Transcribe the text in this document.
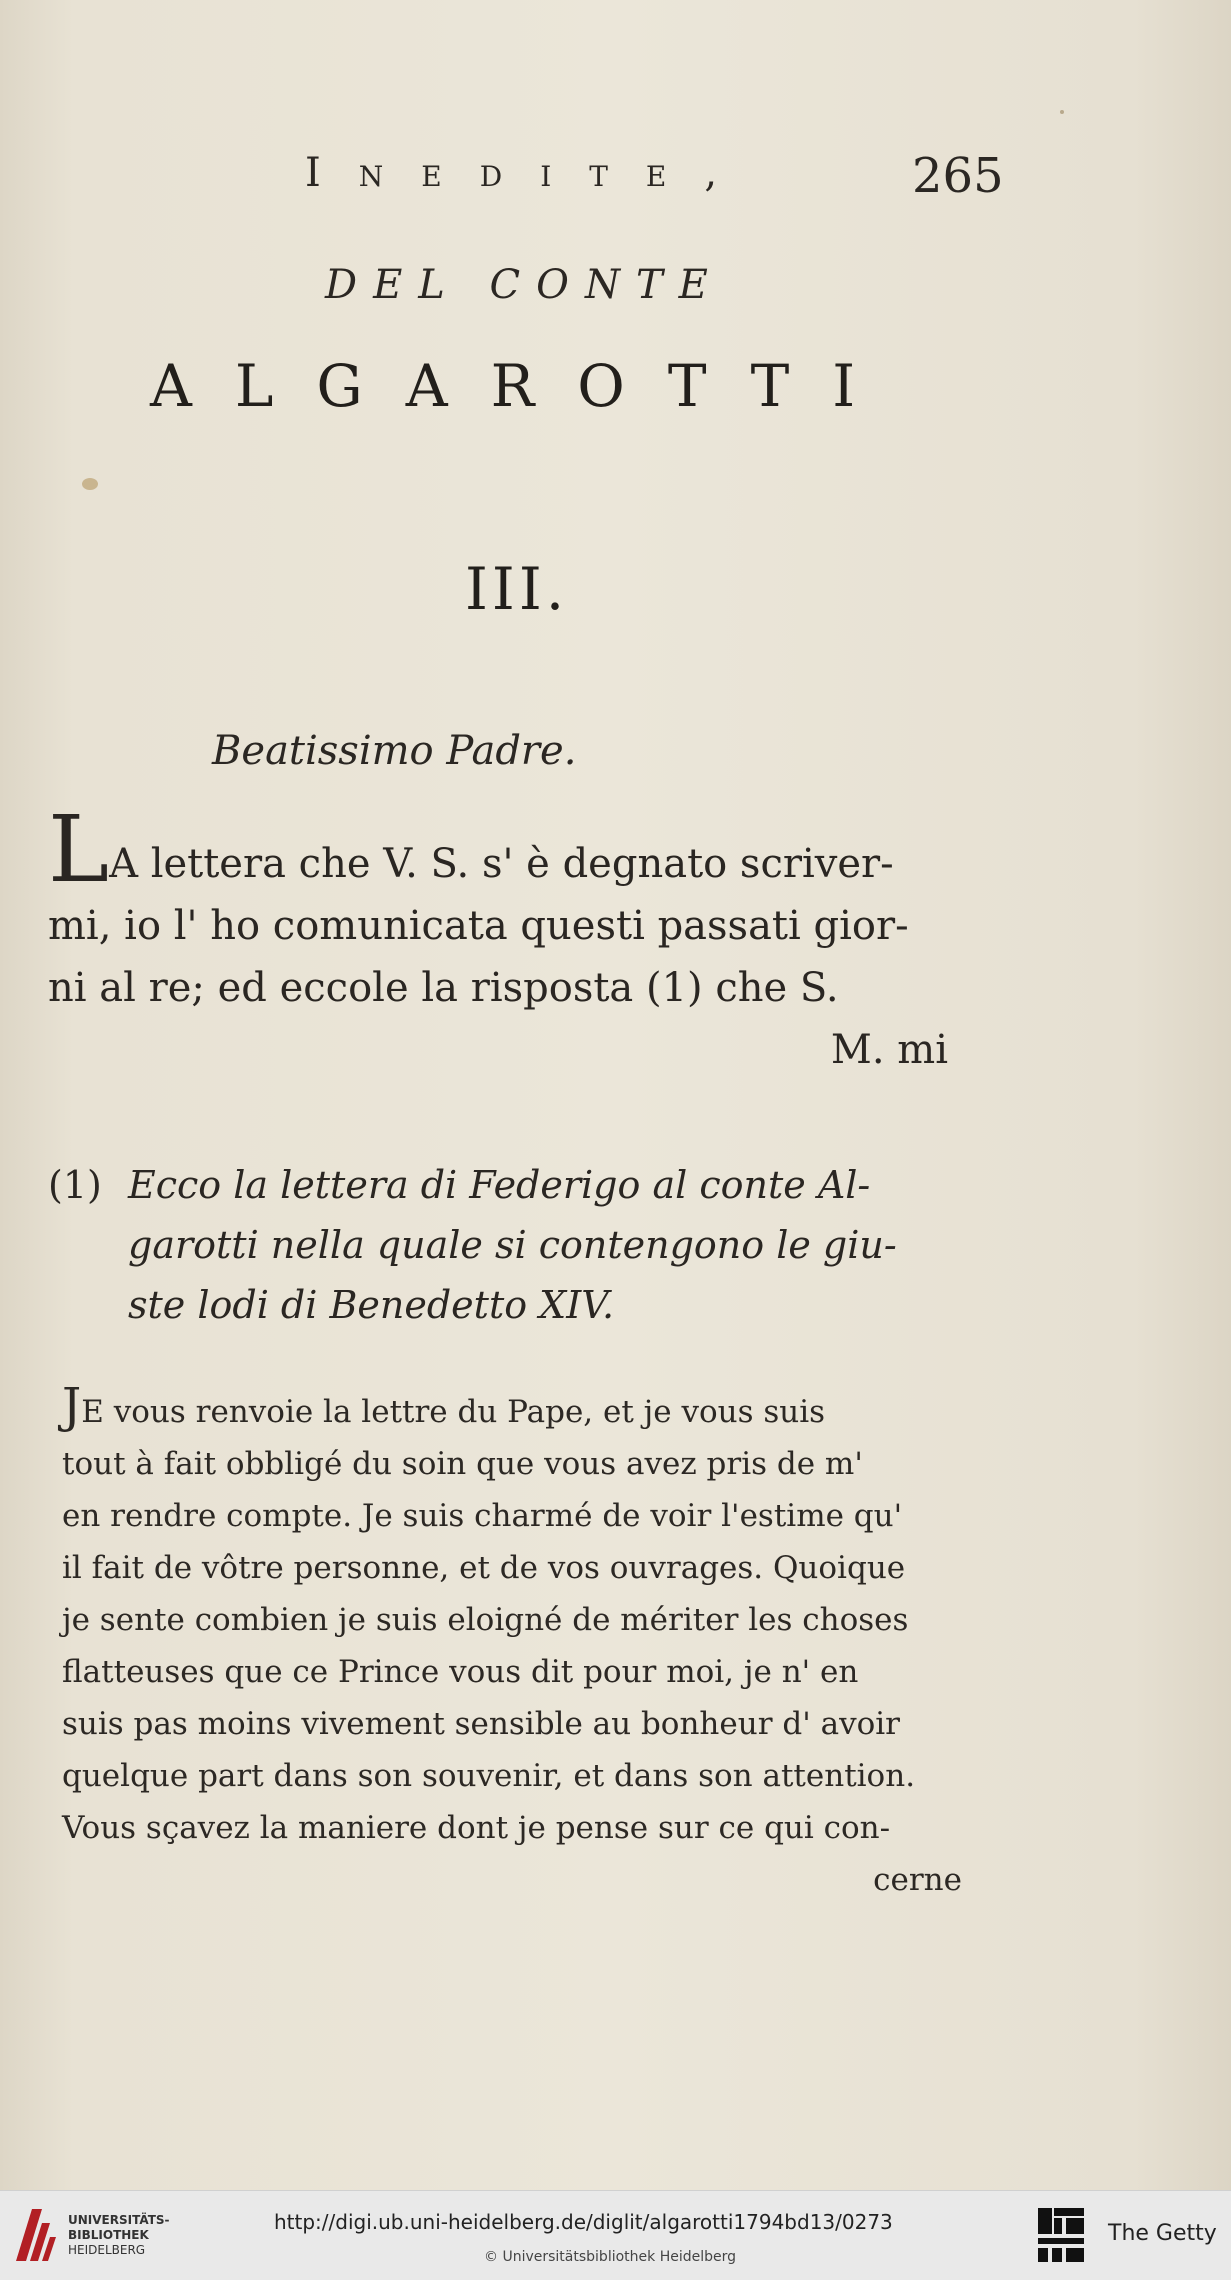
Inedite,	265
DEL CONTE
ALGAROTTI
III.
Beatissimo Padre.
LA lettera che V. S. s' è degnato scriver-
mi, io l' ho comunicata questi passati gior-
ni al re; ed eccole la risposta (1) che S.
M. mi
(1) Ecco la lettera di Federigo al conte Al-
garotti nella quale si contengono le giu-
ste lodi di Benedetto XIV.
JE vous renvoie la lettre du Pape, et je vous suis
tout à fait obbligé du soin que vous avez pris de m'
en rendre compte. Je suis charmé de voir l'estime qu'
il fait de vôtre personne, et de vos ouvrages. Quoique
je sente combien je suis eloigné de mériter les choses
flatteuses que ce Prince vous dit pour moi, je n' en
suis pas moins vivement sensible au bonheur d' avoir
quelque part dans son souvenir, et dans son attention.
Vous sçavez la maniere dont je pense sur ce qui con-
cerne
UNIVERSITÄTS-
BIBLIOTHEK
HEIDELBERG
http://digi.ub.uni-heidelberg.de/diglit/algarotti1794bd13/0273
© Universitätsbibliothek Heidelberg
The Getty
